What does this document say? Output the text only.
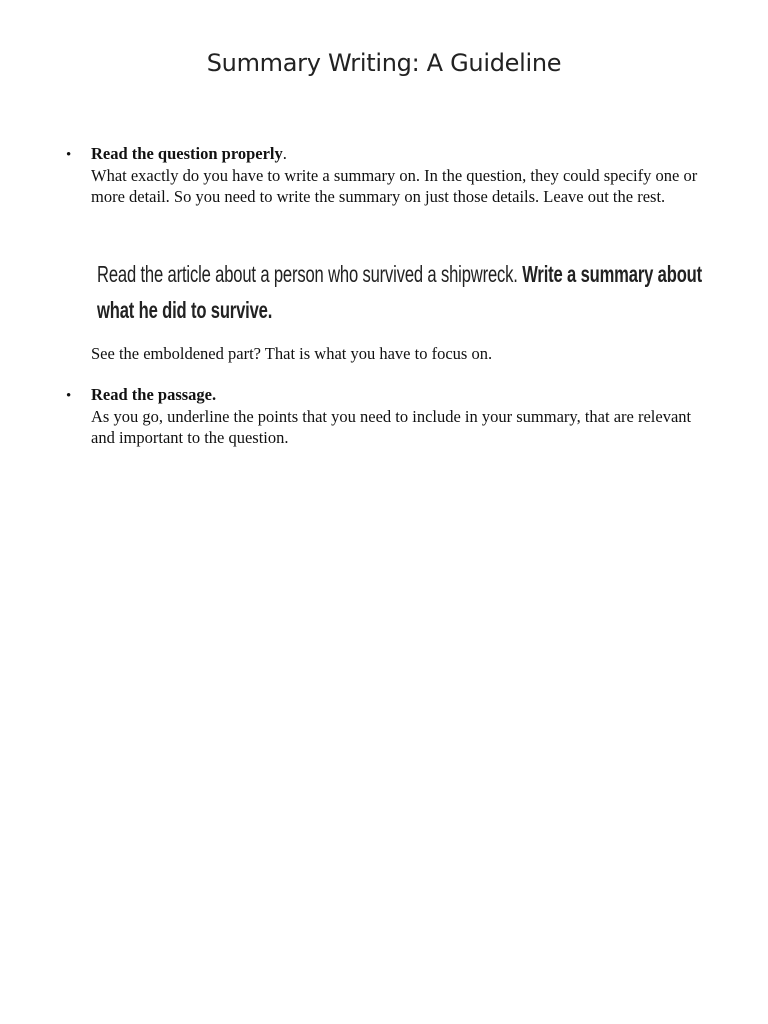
Summary Writing: A Guideline
• Read the question properly.
What exactly do you have to write a summary on. In the question, they could specify one or more detail. So you need to write the summary on just those details. Leave out the rest.
Read the article about a person who survived a shipwreck. Write a summary about what he did to survive.
See the emboldened part? That is what you have to focus on.
• Read the passage.
As you go, underline the points that you need to include in your summary, that are relevant and important to the question.
